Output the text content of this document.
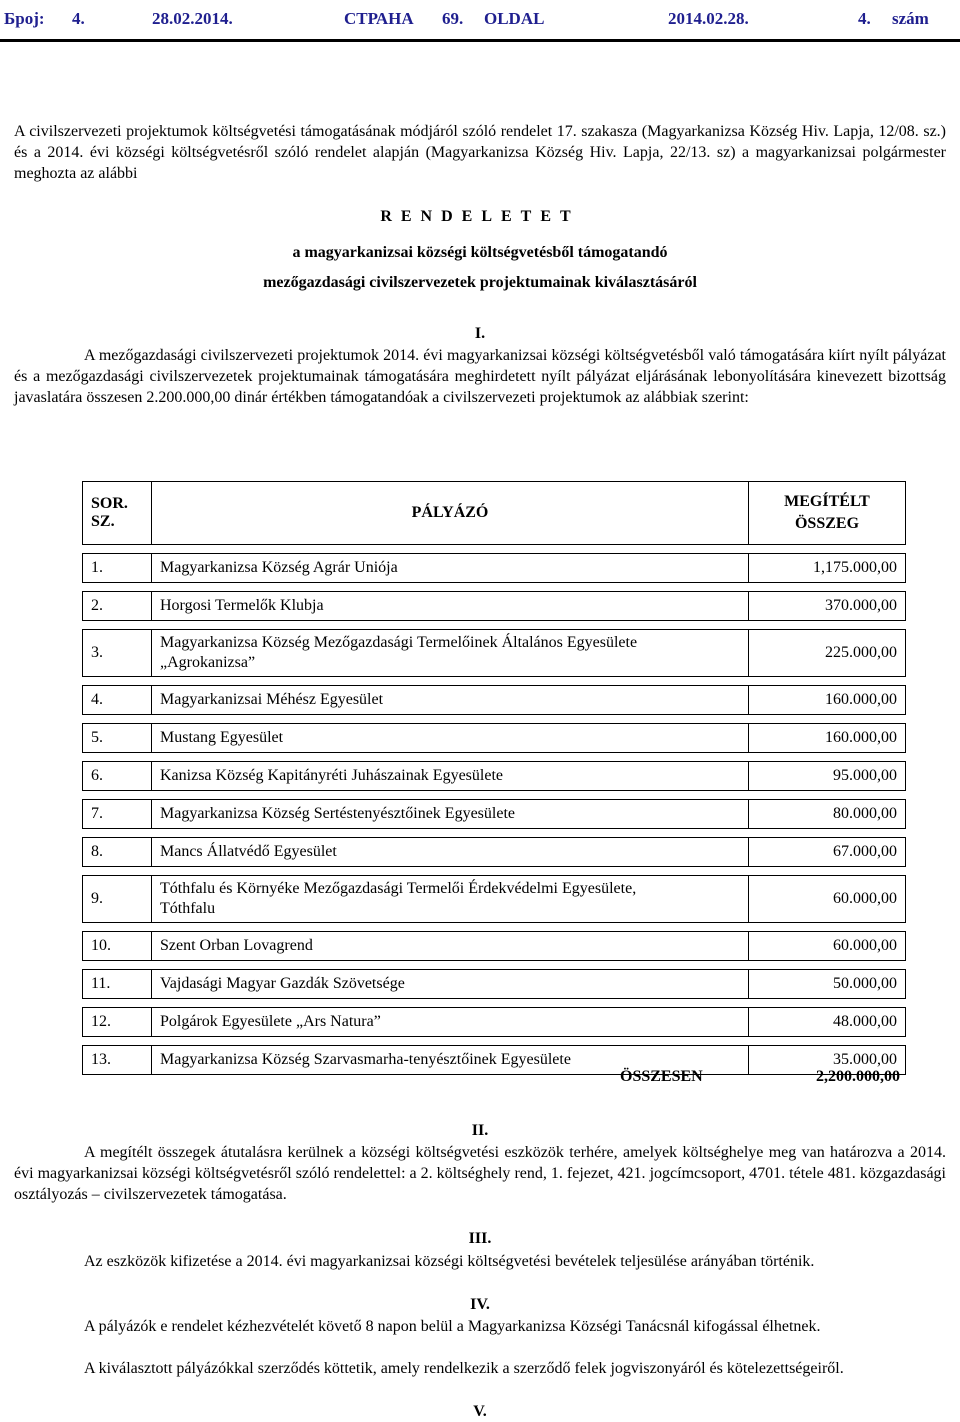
Број: 4.	28.02.2014.	СТРАНА 69. OLDAL	2014.02.28.	4. szám
A civilszervezeti projektumok költségvetési támogatásának módjáról szóló rendelet 17. szakasza (Magyarkanizsa Község Hiv. Lapja, 12/08. sz.) és a 2014. évi községi költségvetésről szóló rendelet alapján (Magyarkanizsa Község Hiv. Lapja, 22/13. sz) a magyarkanizsai polgármester meghozta az alábbi
RENDELETET
a magyarkanizsai községi költségvetésből támogatandó
mezőgazdasági civilszervezetek projektumainak kiválasztásáról
I.
A mezőgazdasági civilszervezeti projektumok 2014. évi magyarkanizsai községi költségvetésből való támogatására kiírt nyílt pályázat és a mezőgazdasági civilszervezetek projektumainak támogatására meghirdetett nyílt pályázat eljárásának lebonyolítására kinevezett bizottság javaslatára összesen 2.200.000,00 dinár értékben támogatandóak a civilszervezeti projektumok az alábbiak szerint:
SOR. SZ.	PÁLYÁZÓ	MEGÍTÉLT
ÖSSZEG

1.	Magyarkanizsa Község Agrár Uniója	1,175.000,00

2.	Horgosi Termelők Klubja	370.000,00

3.	Magyarkanizsa Község Mezőgazdasági Termelőinek Általános Egyesülete
„Agrokanizsa”	225.000,00

4.	Magyarkanizsai Méhész Egyesület	160.000,00

5.	Mustang Egyesület	160.000,00

6.	Kanizsa Község Kapitányréti Juhászainak Egyesülete	95.000,00

7.	Magyarkanizsa Község Sertéstenyésztőinek Egyesülete	80.000,00

8.	Mancs Állatvédő Egyesület	67.000,00

9.	Tóthfalu és Környéke Mezőgazdasági Termelői Érdekvédelmi Egyesülete,
Tóthfalu	60.000,00

10.	Szent Orban Lovagrend	60.000,00

11.	Vajdasági Magyar Gazdák Szövetsége	50.000,00

12.	Polgárok Egyesülete „Ars Natura”	48.000,00

13.	Magyarkanizsa Község Szarvasmarha-tenyésztőinek Egyesülete	35.000,00
ÖSSZESEN	2,200.000,00
II.
A megítélt összegek átutalásra kerülnek a községi költségvetési eszközök terhére, amelyek költséghelye meg van határozva a 2014. évi magyarkanizsai községi költségvetésről szóló rendelettel: a 2. költséghely rend, 1. fejezet, 421. jogcímcsoport, 4701. tétele 481. közgazdasági osztályozás – civilszervezetek támogatása.
III.
Az eszközök kifizetése a 2014. évi magyarkanizsai községi költségvetési bevételek teljesülése arányában történik.
IV.
A pályázók e rendelet kézhezvételét követő 8 napon belül a Magyarkanizsa Községi Tanácsnál kifogással élhetnek.
A kiválasztott pályázókkal szerződés köttetik, amely rendelkezik a szerződő felek jogviszonyáról és kötelezettségeiről.
V.
